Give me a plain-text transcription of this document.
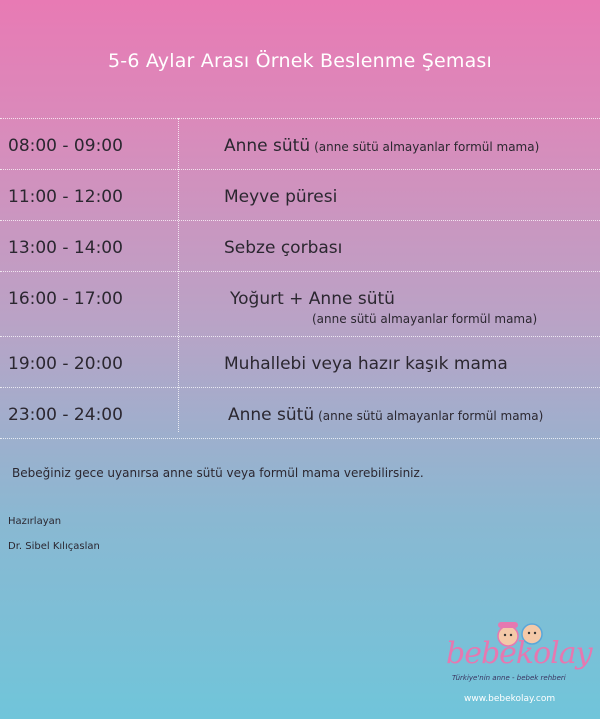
5-6 Aylar Arası Örnek Beslenme Şeması
08:00 - 09:00	Anne sütü (anne sütü almayanlar formül mama)
11:00 - 12:00	Meyve püresi
13:00 - 14:00	Sebze çorbası
16:00 - 17:00	Yoğurt + Anne sütü
(anne sütü almayanlar formül mama)
19:00 - 20:00	Muhallebi veya hazır kaşık mama
23:00 - 24:00	Anne sütü (anne sütü almayanlar formül mama)
Bebeğiniz gece uyanırsa anne sütü veya formül mama verebilirsiniz.
Hazırlayan
Dr. Sibel Kılıçaslan
bebekolay
Türkiye'nin anne - bebek rehberi
www.bebekolay.com
